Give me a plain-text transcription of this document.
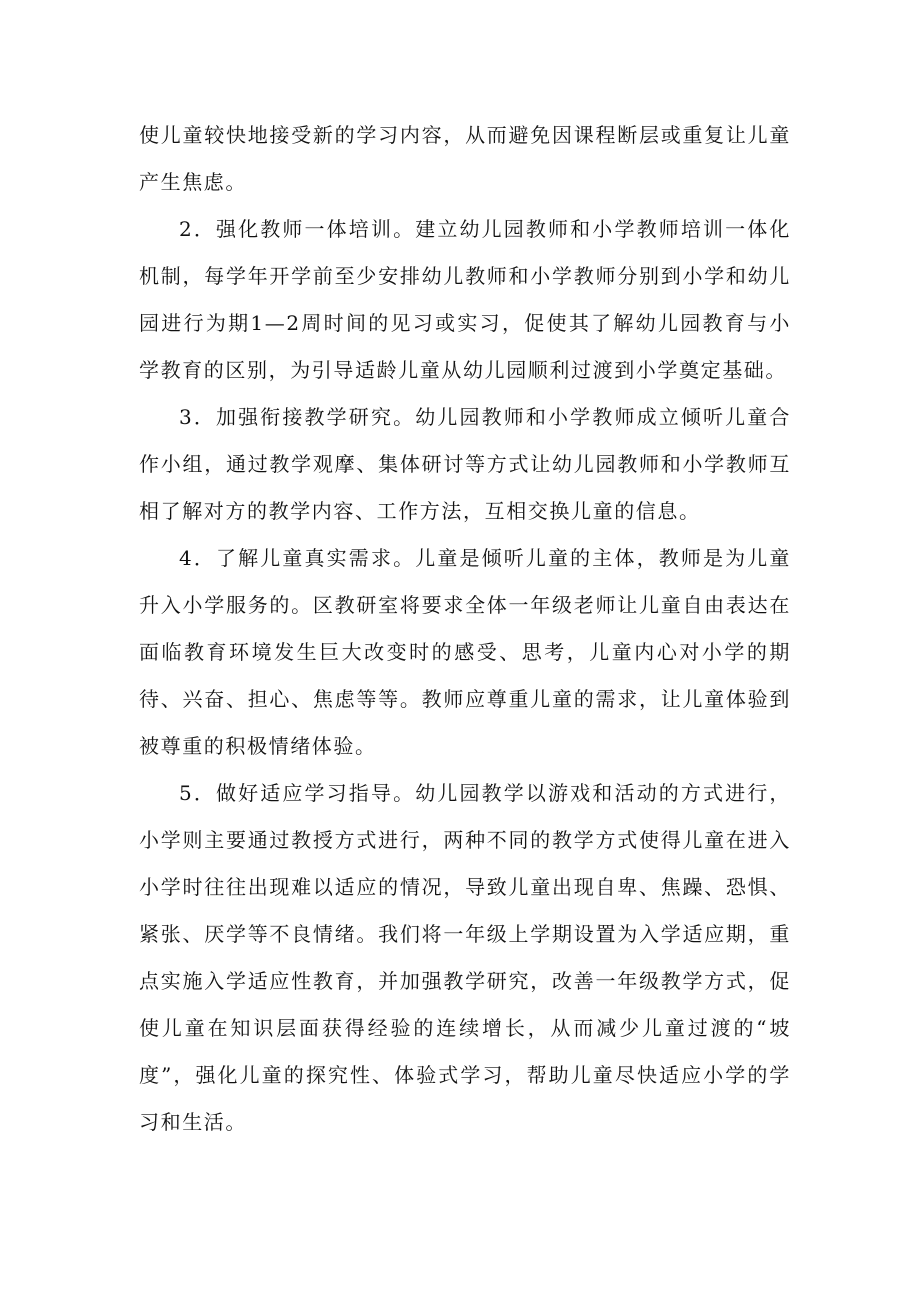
使儿童较快地接受新的学习内容，从而避免因课程断层或重复让儿童产生焦虑。

2．强化教师一体培训。建立幼儿园教师和小学教师培训一体化机制，每学年开学前至少安排幼儿教师和小学教师分别到小学和幼儿园进行为期1—2周时间的见习或实习，促使其了解幼儿园教育与小学教育的区别，为引导适龄儿童从幼儿园顺利过渡到小学奠定基础。

3．加强衔接教学研究。幼儿园教师和小学教师成立倾听儿童合作小组，通过教学观摩、集体研讨等方式让幼儿园教师和小学教师互相了解对方的教学内容、工作方法，互相交换儿童的信息。

4．了解儿童真实需求。儿童是倾听儿童的主体，教师是为儿童升入小学服务的。区教研室将要求全体一年级老师让儿童自由表达在面临教育环境发生巨大改变时的感受、思考，儿童内心对小学的期待、兴奋、担心、焦虑等等。教师应尊重儿童的需求，让儿童体验到被尊重的积极情绪体验。

5．做好适应学习指导。幼儿园教学以游戏和活动的方式进行，小学则主要通过教授方式进行，两种不同的教学方式使得儿童在进入小学时往往出现难以适应的情况，导致儿童出现自卑、焦躁、恐惧、紧张、厌学等不良情绪。我们将一年级上学期设置为入学适应期，重点实施入学适应性教育，并加强教学研究，改善一年级教学方式，促使儿童在知识层面获得经验的连续增长，从而减少儿童过渡的“坡度”，强化儿童的探究性、体验式学习，帮助儿童尽快适应小学的学习和生活。
